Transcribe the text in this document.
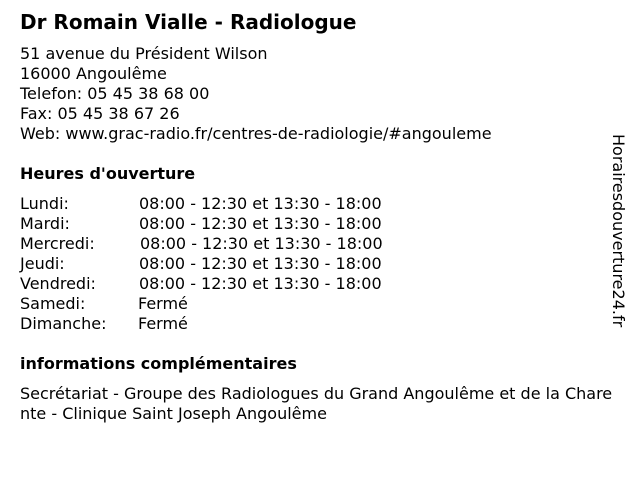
Dr Romain Vialle - Radiologue
51 avenue du Président Wilson
16000 Angoulême
Telefon: 05 45 38 68 00
Fax: 05 45 38 67 26
Web: www.grac-radio.fr/centres-de-radiologie/#angouleme
Heures d'ouverture
Lundi:	08:00 - 12:30 et 13:30 - 18:00
Mardi:	08:00 - 12:30 et 13:30 - 18:00
Mercredi:	08:00 - 12:30 et 13:30 - 18:00
Jeudi:	08:00 - 12:30 et 13:30 - 18:00
Vendredi:	08:00 - 12:30 et 13:30 - 18:00
Samedi:	Fermé
Dimanche: Fermé
informations complémentaires
Secrétariat - Groupe des Radiologues du Grand Angoulême et de la Charente - Clinique Saint Joseph Angoulême
Horairesdouverture24.fr
